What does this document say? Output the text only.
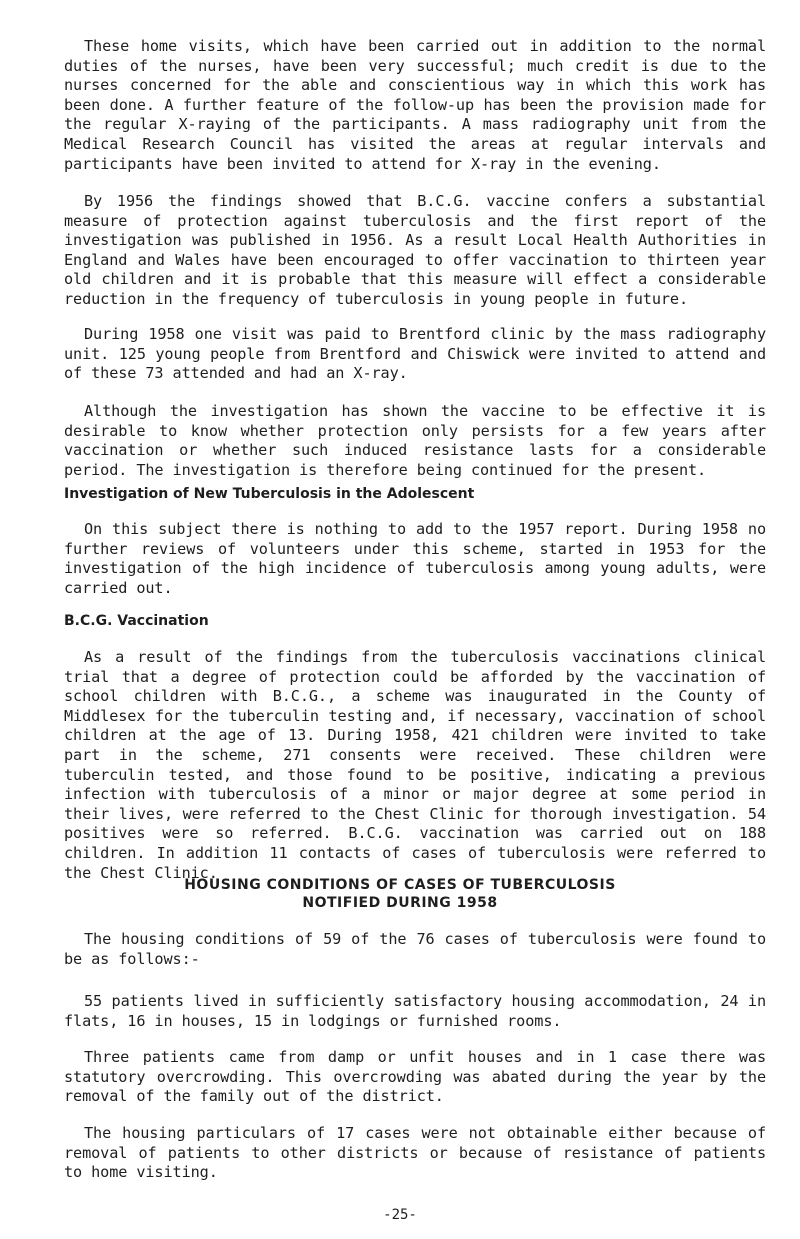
These home visits, which have been carried out in addition to the normal duties of the nurses, have been very successful; much credit is due to the nurses concerned for the able and conscientious way in which this work has been done. A further feature of the follow-up has been the provision made for the regular X-raying of the participants. A mass radiography unit from the Medical Research Council has visited the areas at regular intervals and participants have been invited to attend for X-ray in the evening.

By 1956 the findings showed that B.C.G. vaccine confers a substantial measure of protection against tuberculosis and the first report of the investigation was published in 1956. As a result Local Health Authorities in England and Wales have been encouraged to offer vaccination to thirteen year old children and it is probable that this measure will effect a considerable reduction in the frequency of tuberculosis in young people in future.

During 1958 one visit was paid to Brentford clinic by the mass radiography unit. 125 young people from Brentford and Chiswick were invited to attend and of these 73 attended and had an X-ray.

Although the investigation has shown the vaccine to be effective it is desirable to know whether protection only persists for a few years after vaccination or whether such induced resistance lasts for a considerable period. The investigation is therefore being continued for the present.

Investigation of New Tuberculosis in the Adolescent

On this subject there is nothing to add to the 1957 report. During 1958 no further reviews of volunteers under this scheme, started in 1953 for the investigation of the high incidence of tuberculosis among young adults, were carried out.

B.C.G. Vaccination

As a result of the findings from the tuberculosis vaccinations clinical trial that a degree of protection could be afforded by the vaccination of school children with B.C.G., a scheme was inaugurated in the County of Middlesex for the tuberculin testing and, if necessary, vaccination of school children at the age of 13. During 1958, 421 children were invited to take part in the scheme, 271 consents were received. These children were tuberculin tested, and those found to be positive, indicating a previous infection with tuberculosis of a minor or major degree at some period in their lives, were referred to the Chest Clinic for thorough investigation. 54 positives were so referred. B.C.G. vaccination was carried out on 188 children. In addition 11 contacts of cases of tuberculosis were referred to the Chest Clinic.

HOUSING CONDITIONS OF CASES OF TUBERCULOSIS

NOTIFIED DURING 1958

The housing conditions of 59 of the 76 cases of tuberculosis were found to be as follows:-

55 patients lived in sufficiently satisfactory housing accommodation, 24 in flats, 16 in houses, 15 in lodgings or furnished rooms.

Three patients came from damp or unfit houses and in 1 case there was statutory overcrowding. This overcrowding was abated during the year by the removal of the family out of the district.

The housing particulars of 17 cases were not obtainable either because of removal of patients to other districts or because of resistance of patients to home visiting.

-25-
